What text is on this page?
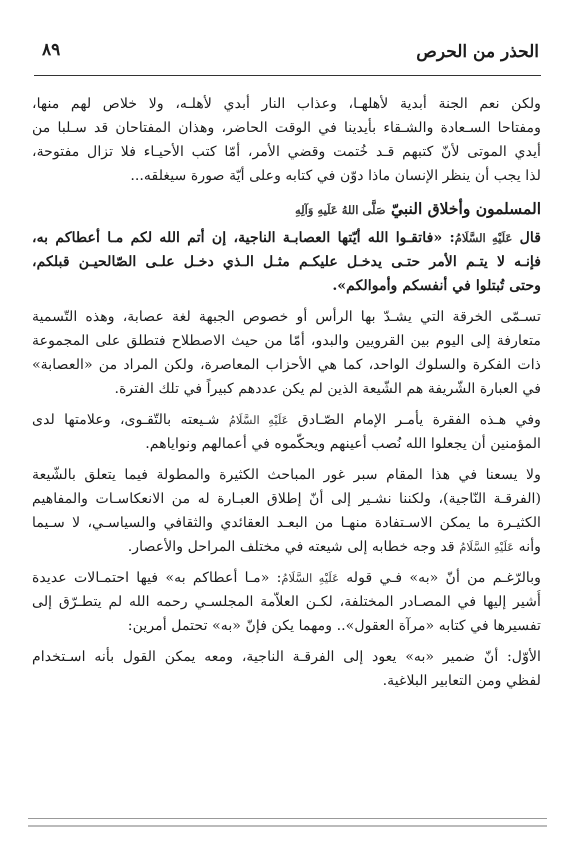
الحذر من الحرص
٨٩
ولكن نعم الجنة أبدية لأهلهـا، وعذاب النار أبدي لأهلـه، ولا خلاص لهم منها،
ومفتاحا السـعادة والشـقاء بأيدينا في الوقت الحاضر، وهذان المفتاحان قد سـلبا من
أيدي الموتى لأنّ كتبهم قـد خُتمت وقضي الأمر، أمّا كتب الأحيـاء فلا تزال مفتوحة،
لذا يجب أن ينظر الإنسان ماذا دوّن في كتابه وعلى أيّة صورة سيغلقه...
المسلمون وأخلاق النبيّ صَلَّى اللهُ عَلَيهِ وَآلِهِ
قال عَلَيْهِ السَّلَامُ: «فاتقـوا الله أيّتها العصابـة الناجية، إن أتم الله لكم مـا أعطاكم به،
فإنـه لا يتـم الأمر حتـى يدخـل عليكـم مثـل الـذي دخـل علـى الصّالحيـن قبلكم،
وحتى تُبتلوا في أنفسكم وأموالكم».
تسـمّى الخرقة التي يشـدّ بها الرأس أو خصوص الجبهة لغة عصابة، وهذه التّسمية
متعارفة إلى اليوم بين القرويين والبدو، أمّا من حيث الاصطلاح فتطلق على المجموعة
ذات الفكرة والسلوك الواحد، كما هي الأحزاب المعاصرة، ولكن المراد من «العصابة»
في العبارة الشّريفة هم الشّيعة الذين لم يكن عددهم كبيراً في تلك الفترة.
وفي هـذه الفقرة يأمـر الإمام الصّـادق عَلَيْهِ السَّلَامُ شـيعته بالتّقـوى، وعلامتها لدى
المؤمنين أن يجعلوا الله نُصب أعينهم ويحكّموه في أعمالهم ونواياهم.
ولا يسعنا في هذا المقام سبر غور المباحث الكثيرة والمطولة فيما يتعلق بالشّيعة
(الفرقـة النّاجية)، ولكننا نشـير إلى أنّ إطلاق العبـارة له من الانعكاسـات والمفاهيم
الكثيـرة ما يمكن الاسـتفادة منهـا من البعـد العقائدي والثقافي والسياسـي، لا سـيما
وأنه عَلَيْهِ السَّلَامُ قد وجه خطابه إلى شيعته في مختلف المراحل والأعصار.
وبالرّغـم من أنّ «به» فـي قوله عَلَيْهِ السَّلَامُ: «مـا أعطاكم به» فيها احتمـالات عديدة
أُشير إليها في المصـادر المختلفة، لكـن العلاّمة المجلسـي رحمه الله لم يتطـرّق إلى
تفسيرها في كتابه «مرآة العقول».. ومهما يكن فإنّ «به» تحتمل أمرين:
الأوّل: أنّ ضمير «به» يعود إلى الفرقـة الناجية، ومعه يمكن القول بأنه اسـتخدام
لفظي ومن التعابير البلاغية.
